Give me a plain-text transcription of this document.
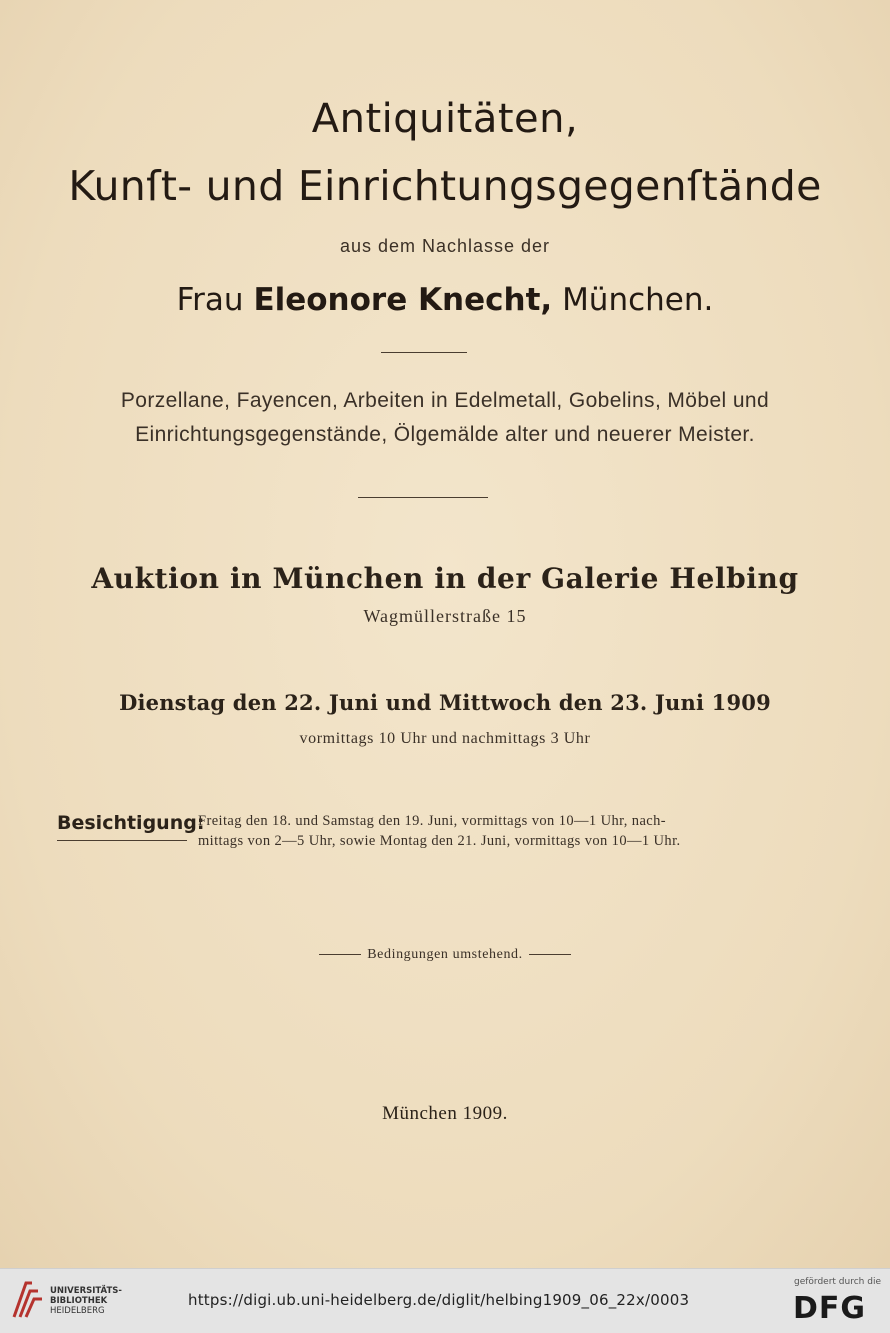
Antiquitäten,
Kunſt- und Einrichtungsgegenſtände
aus dem Nachlasse der
Frau Eleonore Knecht, München.
Porzellane, Fayencen, Arbeiten in Edelmetall, Gobelins, Möbel und
Einrichtungsgegenstände, Ölgemälde alter und neuerer Meister.
Auktion in München in der Galerie Helbing
Wagmüllerstraße 15
Dienstag den 22. Juni und Mittwoch den 23. Juni 1909
vormittags 10 Uhr und nachmittags 3 Uhr
Besichtigung:
Freitag den 18. und Samstag den 19. Juni, vormittags von 10—1 Uhr, nach-
mittags von 2—5 Uhr, sowie Montag den 21. Juni, vormittags von 10—1 Uhr.
Bedingungen umstehend.
München 1909.
UNIVERSITÄTS-
BIBLIOTHEK
HEIDELBERG
https://digi.ub.uni-heidelberg.de/diglit/helbing1909_06_22x/0003
gefördert durch die
DFG
